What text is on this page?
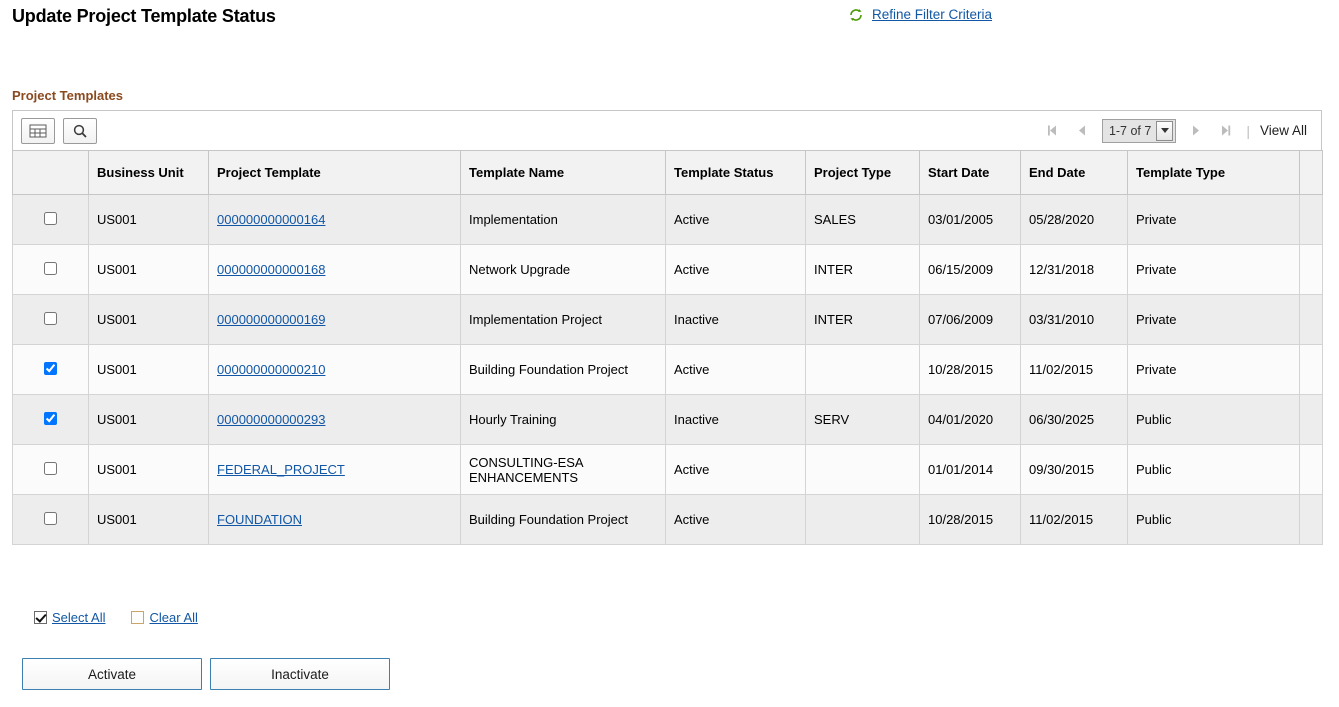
Update Project Template Status	Refine Filter Criteria
Project Templates
1-7 of 7	| View All
	Business Unit	Project Template	Template Name	Template Status	Project Type	Start Date	End Date	Template Type	
	US001	000000000000164	Implementation	Active	SALES	03/01/2005	05/28/2020	Private	
	US001	000000000000168	Network Upgrade	Active	INTER	06/15/2009	12/31/2018	Private	
	US001	000000000000169	Implementation Project	Inactive	INTER	07/06/2009	03/31/2010	Private	
	US001	000000000000210	Building Foundation Project	Active		10/28/2015	11/02/2015	Private	
	US001	000000000000293	Hourly Training	Inactive	SERV	04/01/2020	06/30/2025	Public	
	US001	FEDERAL_PROJECT	CONSULTING-ESA ENHANCEMENTS	Active		01/01/2014	09/30/2015	Public	
	US001	FOUNDATION	Building Foundation Project	Active		10/28/2015	11/02/2015	Public	
Select All	Clear All
Activate	Inactivate
